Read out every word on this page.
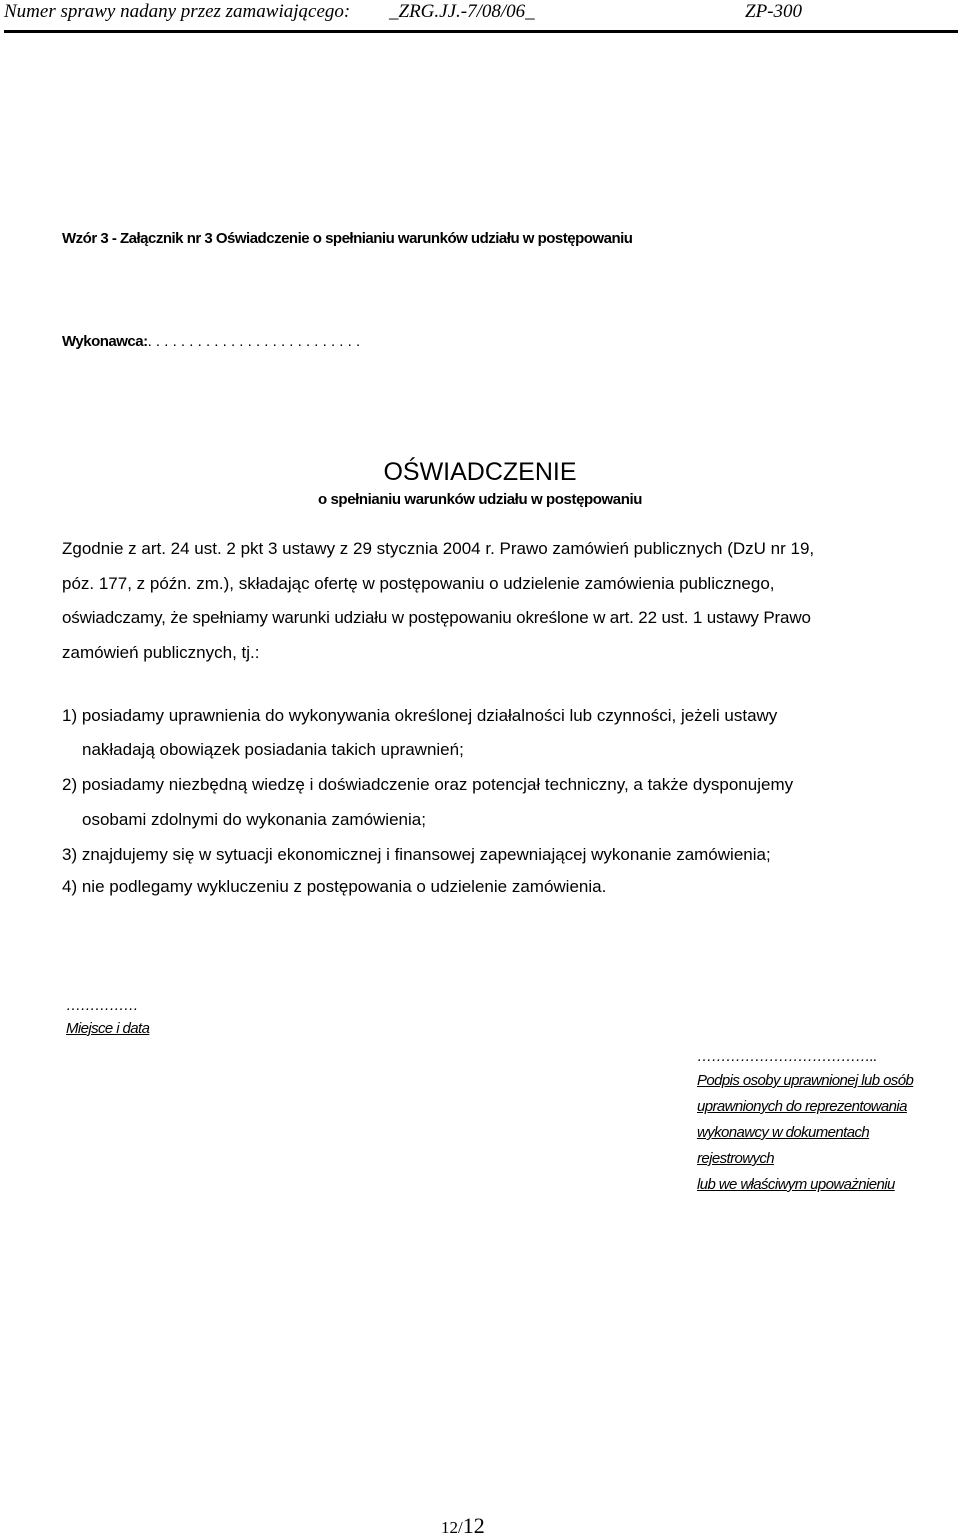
Numer sprawy nadany przez zamawiającego: _ZRG.JJ.-7/08/06_	ZP-300
Wzór 3 - Załącznik nr 3 Oświadczenie o spełnianiu warunków udziału w postępowaniu
Wykonawca:. . . . . . . . . . . . . . . . . . . . . . . . . .
OŚWIADCZENIE
o spełnianiu warunków udziału w postępowaniu
Zgodnie z art. 24 ust. 2 pkt 3 ustawy z 29 stycznia 2004 r. Prawo zamówień publicznych (DzU nr 19,
póz. 177, z późn. zm.), składając ofertę w postępowaniu o udzielenie zamówienia publicznego,
oświadczamy, że spełniamy warunki udziału w postępowaniu określone w art. 22 ust. 1 ustawy Prawo
zamówień publicznych, tj.:
1) posiadamy uprawnienia do wykonywania określonej działalności lub czynności, jeżeli ustawy
nakładają obowiązek posiadania takich uprawnień;
2) posiadamy niezbędną wiedzę i doświadczenie oraz potencjał techniczny, a także dysponujemy
osobami zdolnymi do wykonania zamówienia;
3) znajdujemy się w sytuacji ekonomicznej i finansowej zapewniającej wykonanie zamówienia;
4) nie podlegamy wykluczeniu z postępowania o udzielenie zamówienia.
……………
Miejsce i data
………………………………..
Podpis osoby uprawnionej lub osób
uprawnionych do reprezentowania
wykonawcy w dokumentach
rejestrowych
lub we właściwym upoważnieniu
12/12
